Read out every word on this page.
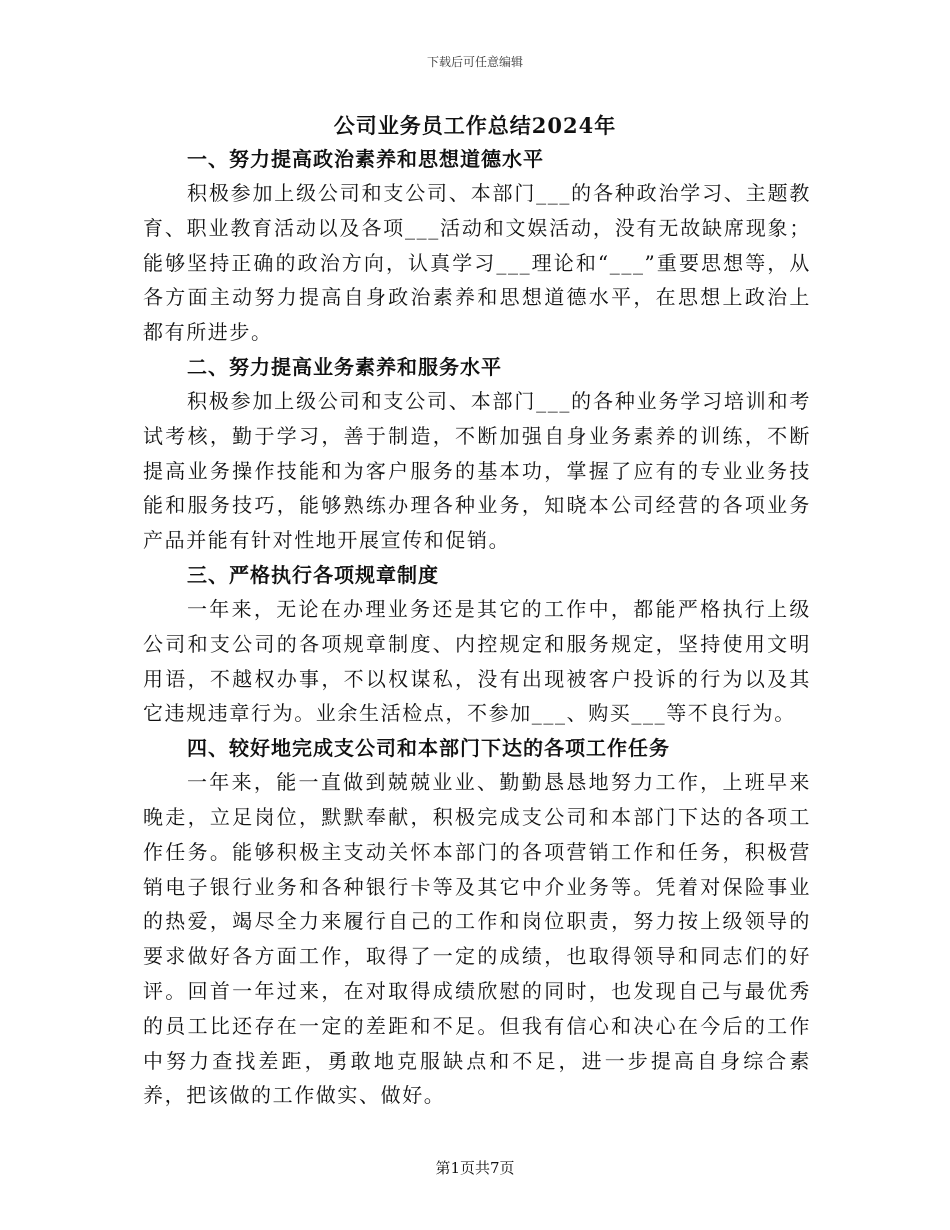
下载后可任意编辑
公司业务员工作总结2024年
一、努力提高政治素养和思想道德水平

积极参加上级公司和支公司、本部门___的各种政治学习、主题教育、职业教育活动以及各项___活动和文娱活动，没有无故缺席现象；能够坚持正确的政治方向，认真学习___理论和“___”重要思想等，从各方面主动努力提高自身政治素养和思想道德水平，在思想上政治上都有所进步。

二、努力提高业务素养和服务水平

积极参加上级公司和支公司、本部门___的各种业务学习培训和考试考核，勤于学习，善于制造，不断加强自身业务素养的训练，不断提高业务操作技能和为客户服务的基本功，掌握了应有的专业业务技能和服务技巧，能够熟练办理各种业务，知晓本公司经营的各项业务产品并能有针对性地开展宣传和促销。

三、严格执行各项规章制度

一年来，无论在办理业务还是其它的工作中，都能严格执行上级公司和支公司的各项规章制度、内控规定和服务规定，坚持使用文明用语，不越权办事，不以权谋私，没有出现被客户投诉的行为以及其它违规违章行为。业余生活检点，不参加___、购买___等不良行为。

四、较好地完成支公司和本部门下达的各项工作任务

一年来，能一直做到兢兢业业、勤勤恳恳地努力工作，上班早来晚走，立足岗位，默默奉献，积极完成支公司和本部门下达的各项工作任务。能够积极主支动关怀本部门的各项营销工作和任务，积极营销电子银行业务和各种银行卡等及其它中介业务等。凭着对保险事业的热爱，竭尽全力来履行自己的工作和岗位职责，努力按上级领导的要求做好各方面工作，取得了一定的成绩，也取得领导和同志们的好评。回首一年过来，在对取得成绩欣慰的同时，也发现自己与最优秀的员工比还存在一定的差距和不足。但我有信心和决心在今后的工作中努力查找差距，勇敢地克服缺点和不足，进一步提高自身综合素养，把该做的工作做实、做好。

第1页共7页
